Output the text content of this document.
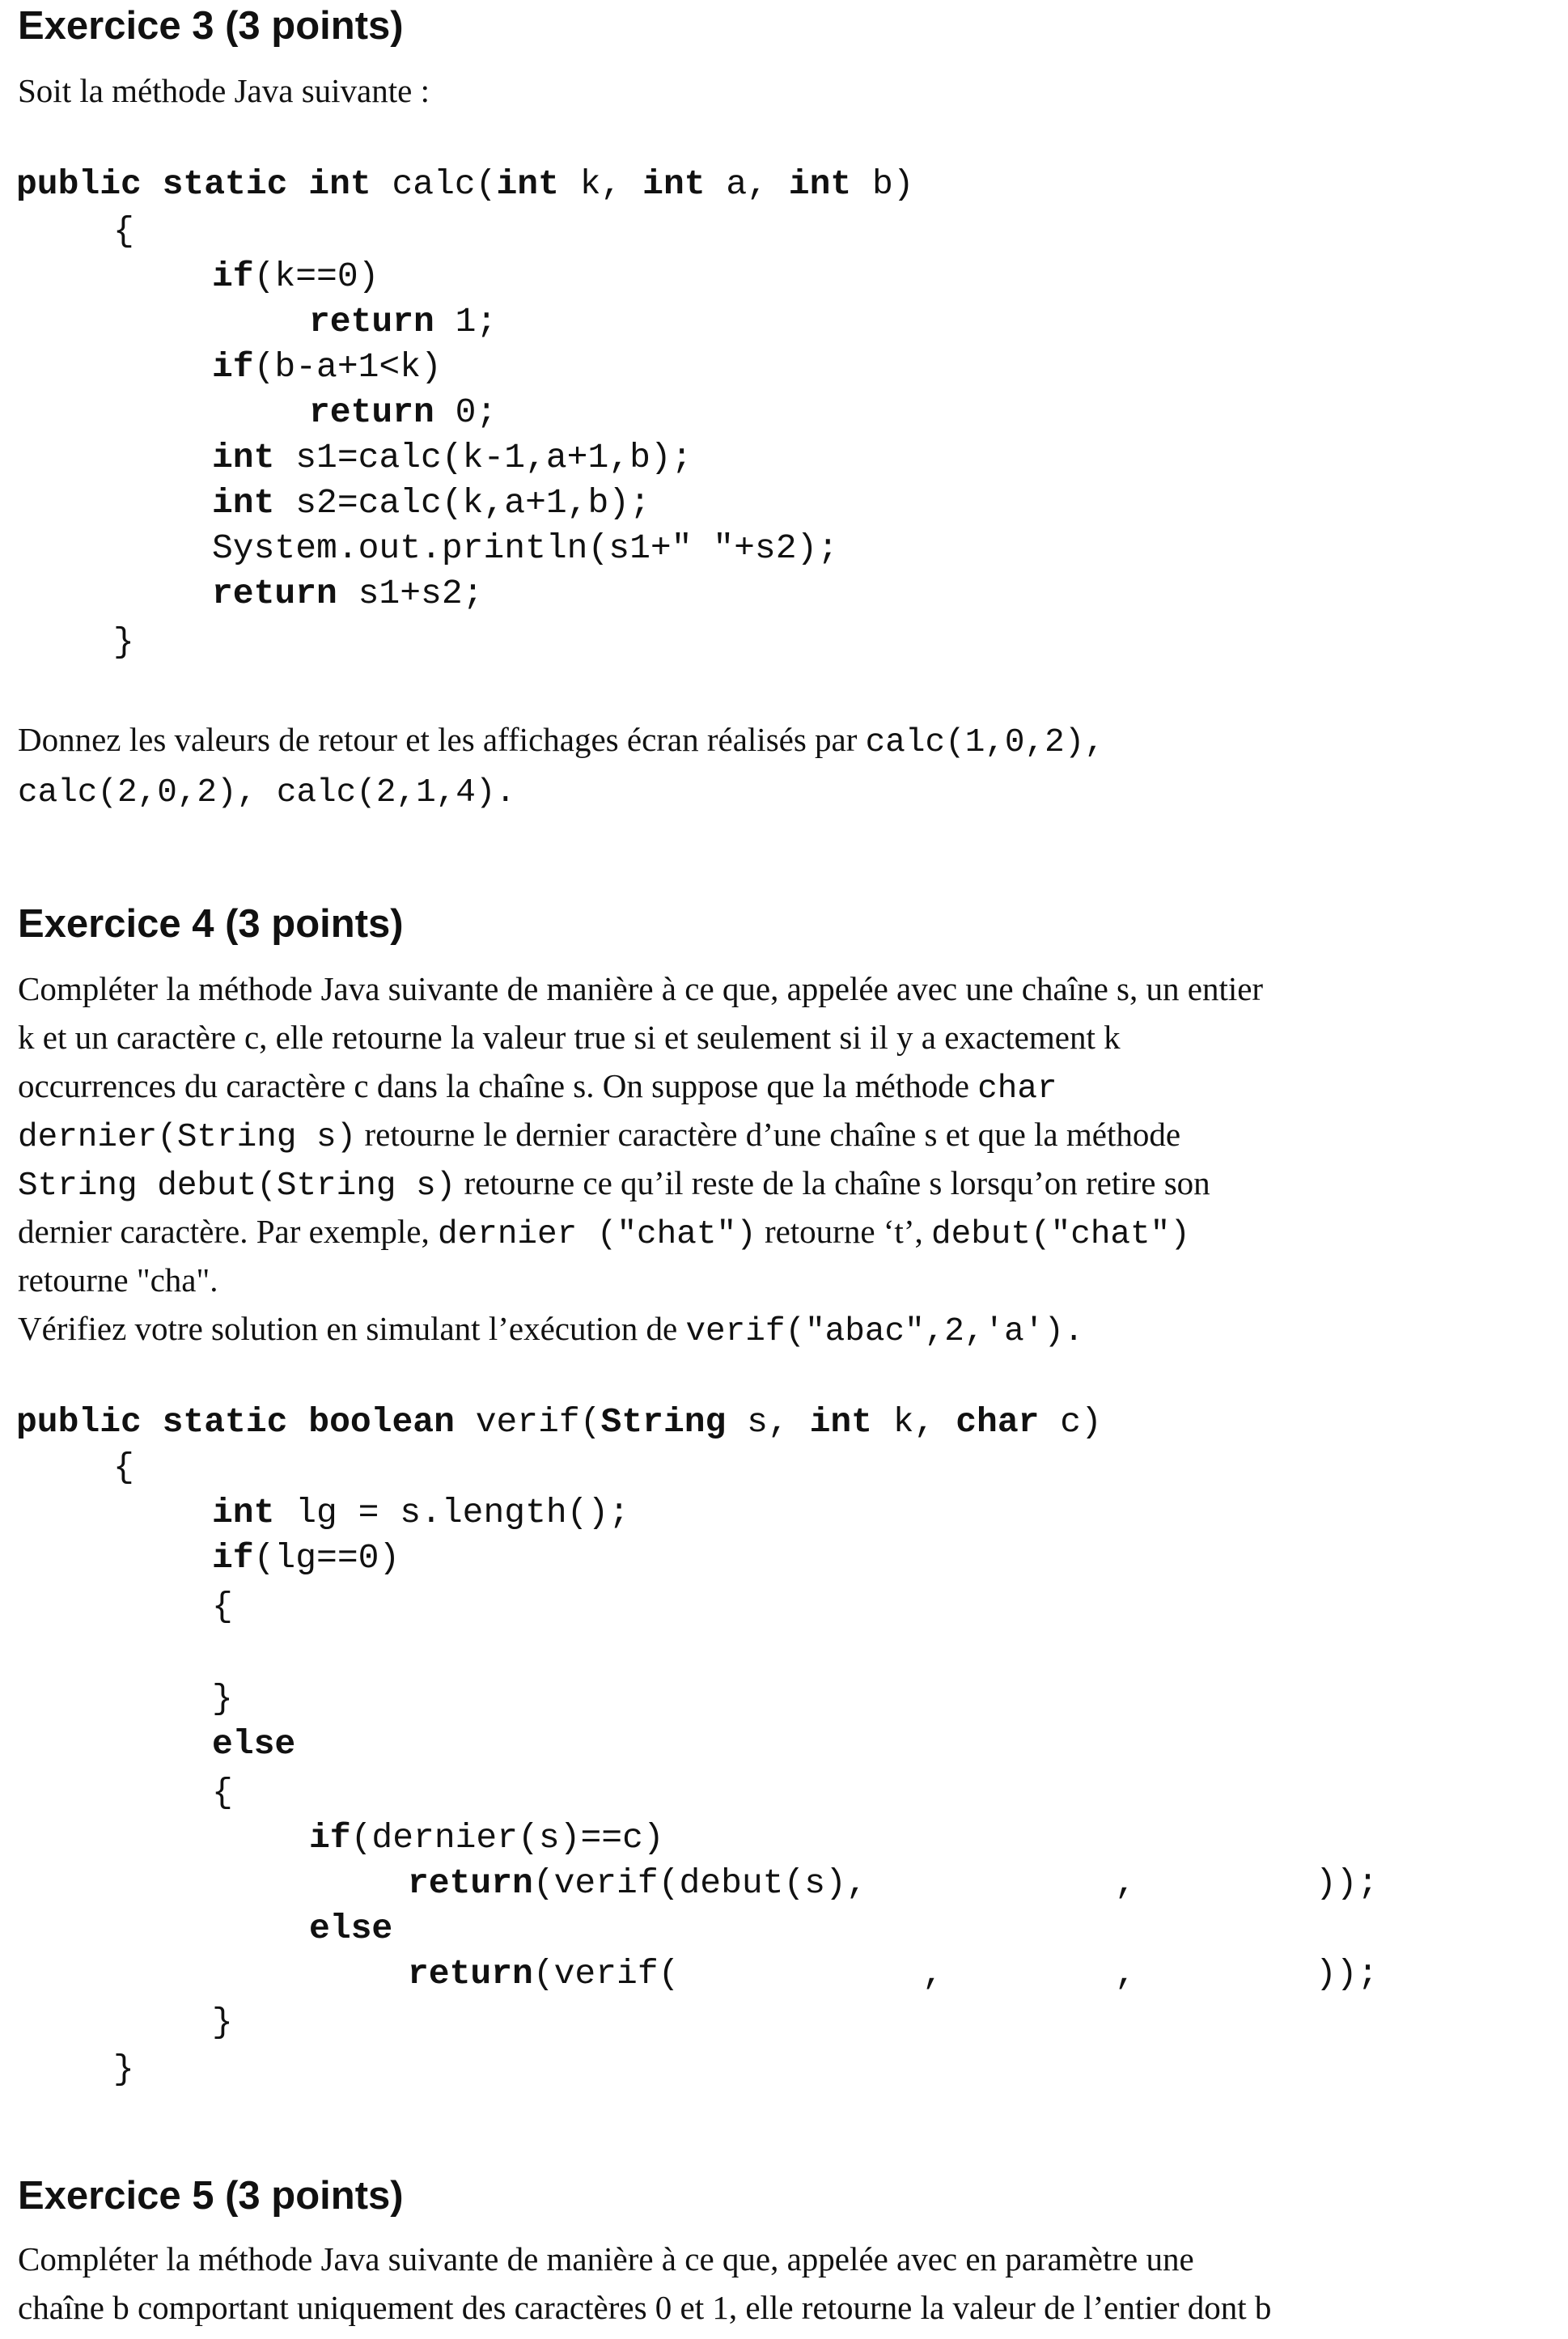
Exercice 3 (3 points)
Soit la méthode Java suivante :
public static int calc(int k, int a, int b)
{
if(k==0)
return 1;
if(b-a+1<k)
return 0;
int s1=calc(k-1,a+1,b);
int s2=calc(k,a+1,b);
System.out.println(s1+" "+s2);
return s1+s2;
}
Donnez les valeurs de retour et les affichages écran réalisés par calc(1,0,2),
calc(2,0,2), calc(2,1,4).
Exercice 4 (3 points)
Compléter la méthode Java suivante de manière à ce que, appelée avec une chaîne s, un entier
k et un caractère c, elle retourne la valeur true si et seulement si il y a exactement k
occurrences du caractère c dans la chaîne s. On suppose que la méthode char
dernier(String s) retourne le dernier caractère d’une chaîne s et que la méthode
String debut(String s) retourne ce qu’il reste de la chaîne s lorsqu’on retire son
dernier caractère. Par exemple, dernier ("chat") retourne ‘t’, debut("chat")
retourne "cha".
Vérifiez votre solution en simulant l’exécution de verif("abac",2,'a').
public static boolean verif(String s, int k, char c)
{
int lg = s.length();
if(lg==0)
{
}
else
{
if(dernier(s)==c)
return(verif(debut(s),	,	));
else
return(verif(	,	,	));
}
}
Exercice 5 (3 points)
Compléter la méthode Java suivante de manière à ce que, appelée avec en paramètre une
chaîne b comportant uniquement des caractères 0 et 1, elle retourne la valeur de l’entier dont b
